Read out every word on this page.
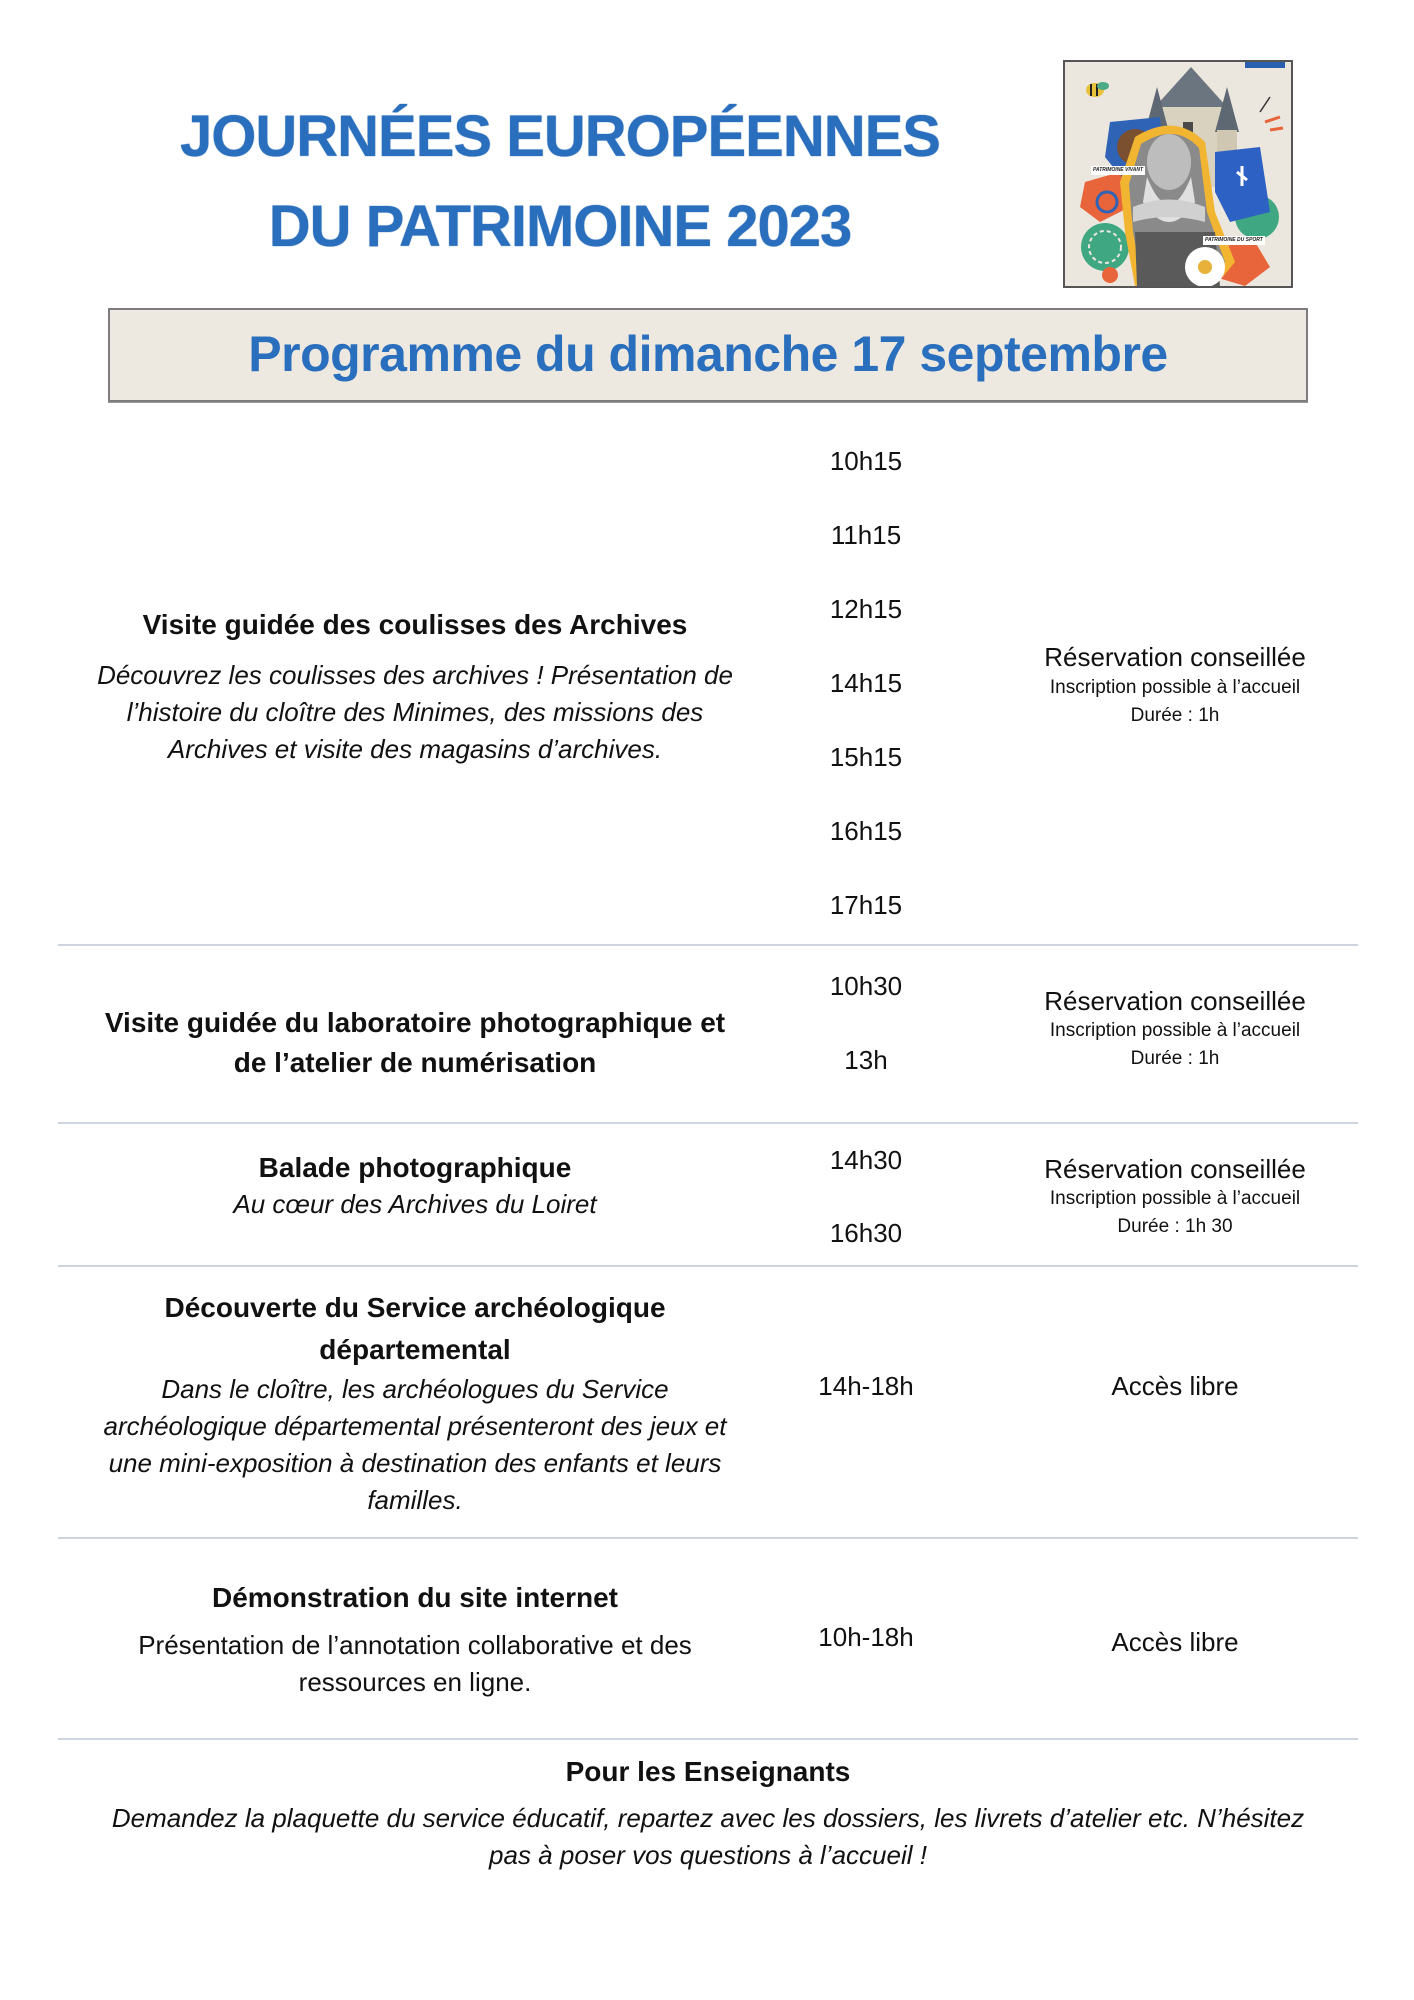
JOURNÉES EUROPÉENNES
DU PATRIMOINE 2023
PATRIMOINE VIVANT
PATRIMOINE DU SPORT
Programme du dimanche 17 septembre
Visite guidée des coulisses des Archives
Découvrez les coulisses des archives ! Présentation de
l’histoire du cloître des Minimes, des missions des
Archives et visite des magasins d’archives.
10h15
11h15
12h15
14h15
15h15
16h15
17h15
Réservation conseillée
Inscription possible à l’accueil
Durée : 1h
Visite guidée du laboratoire photographique et
de l’atelier de numérisation
10h30
13h
Réservation conseillée
Inscription possible à l’accueil
Durée : 1h
Balade photographique
Au cœur des Archives du Loiret
14h30
16h30
Réservation conseillée
Inscription possible à l’accueil
Durée : 1h 30
Découverte du Service archéologique
départemental
Dans le cloître, les archéologues du Service
archéologique départemental présenteront des jeux et
une mini-exposition à destination des enfants et leurs
familles.
14h-18h	Accès libre
Démonstration du site internet
Présentation de l’annotation collaborative et des
ressources en ligne.
10h-18h	Accès libre
Pour les Enseignants
Demandez la plaquette du service éducatif, repartez avec les dossiers, les livrets d’atelier etc. N’hésitez
pas à poser vos questions à l’accueil !
